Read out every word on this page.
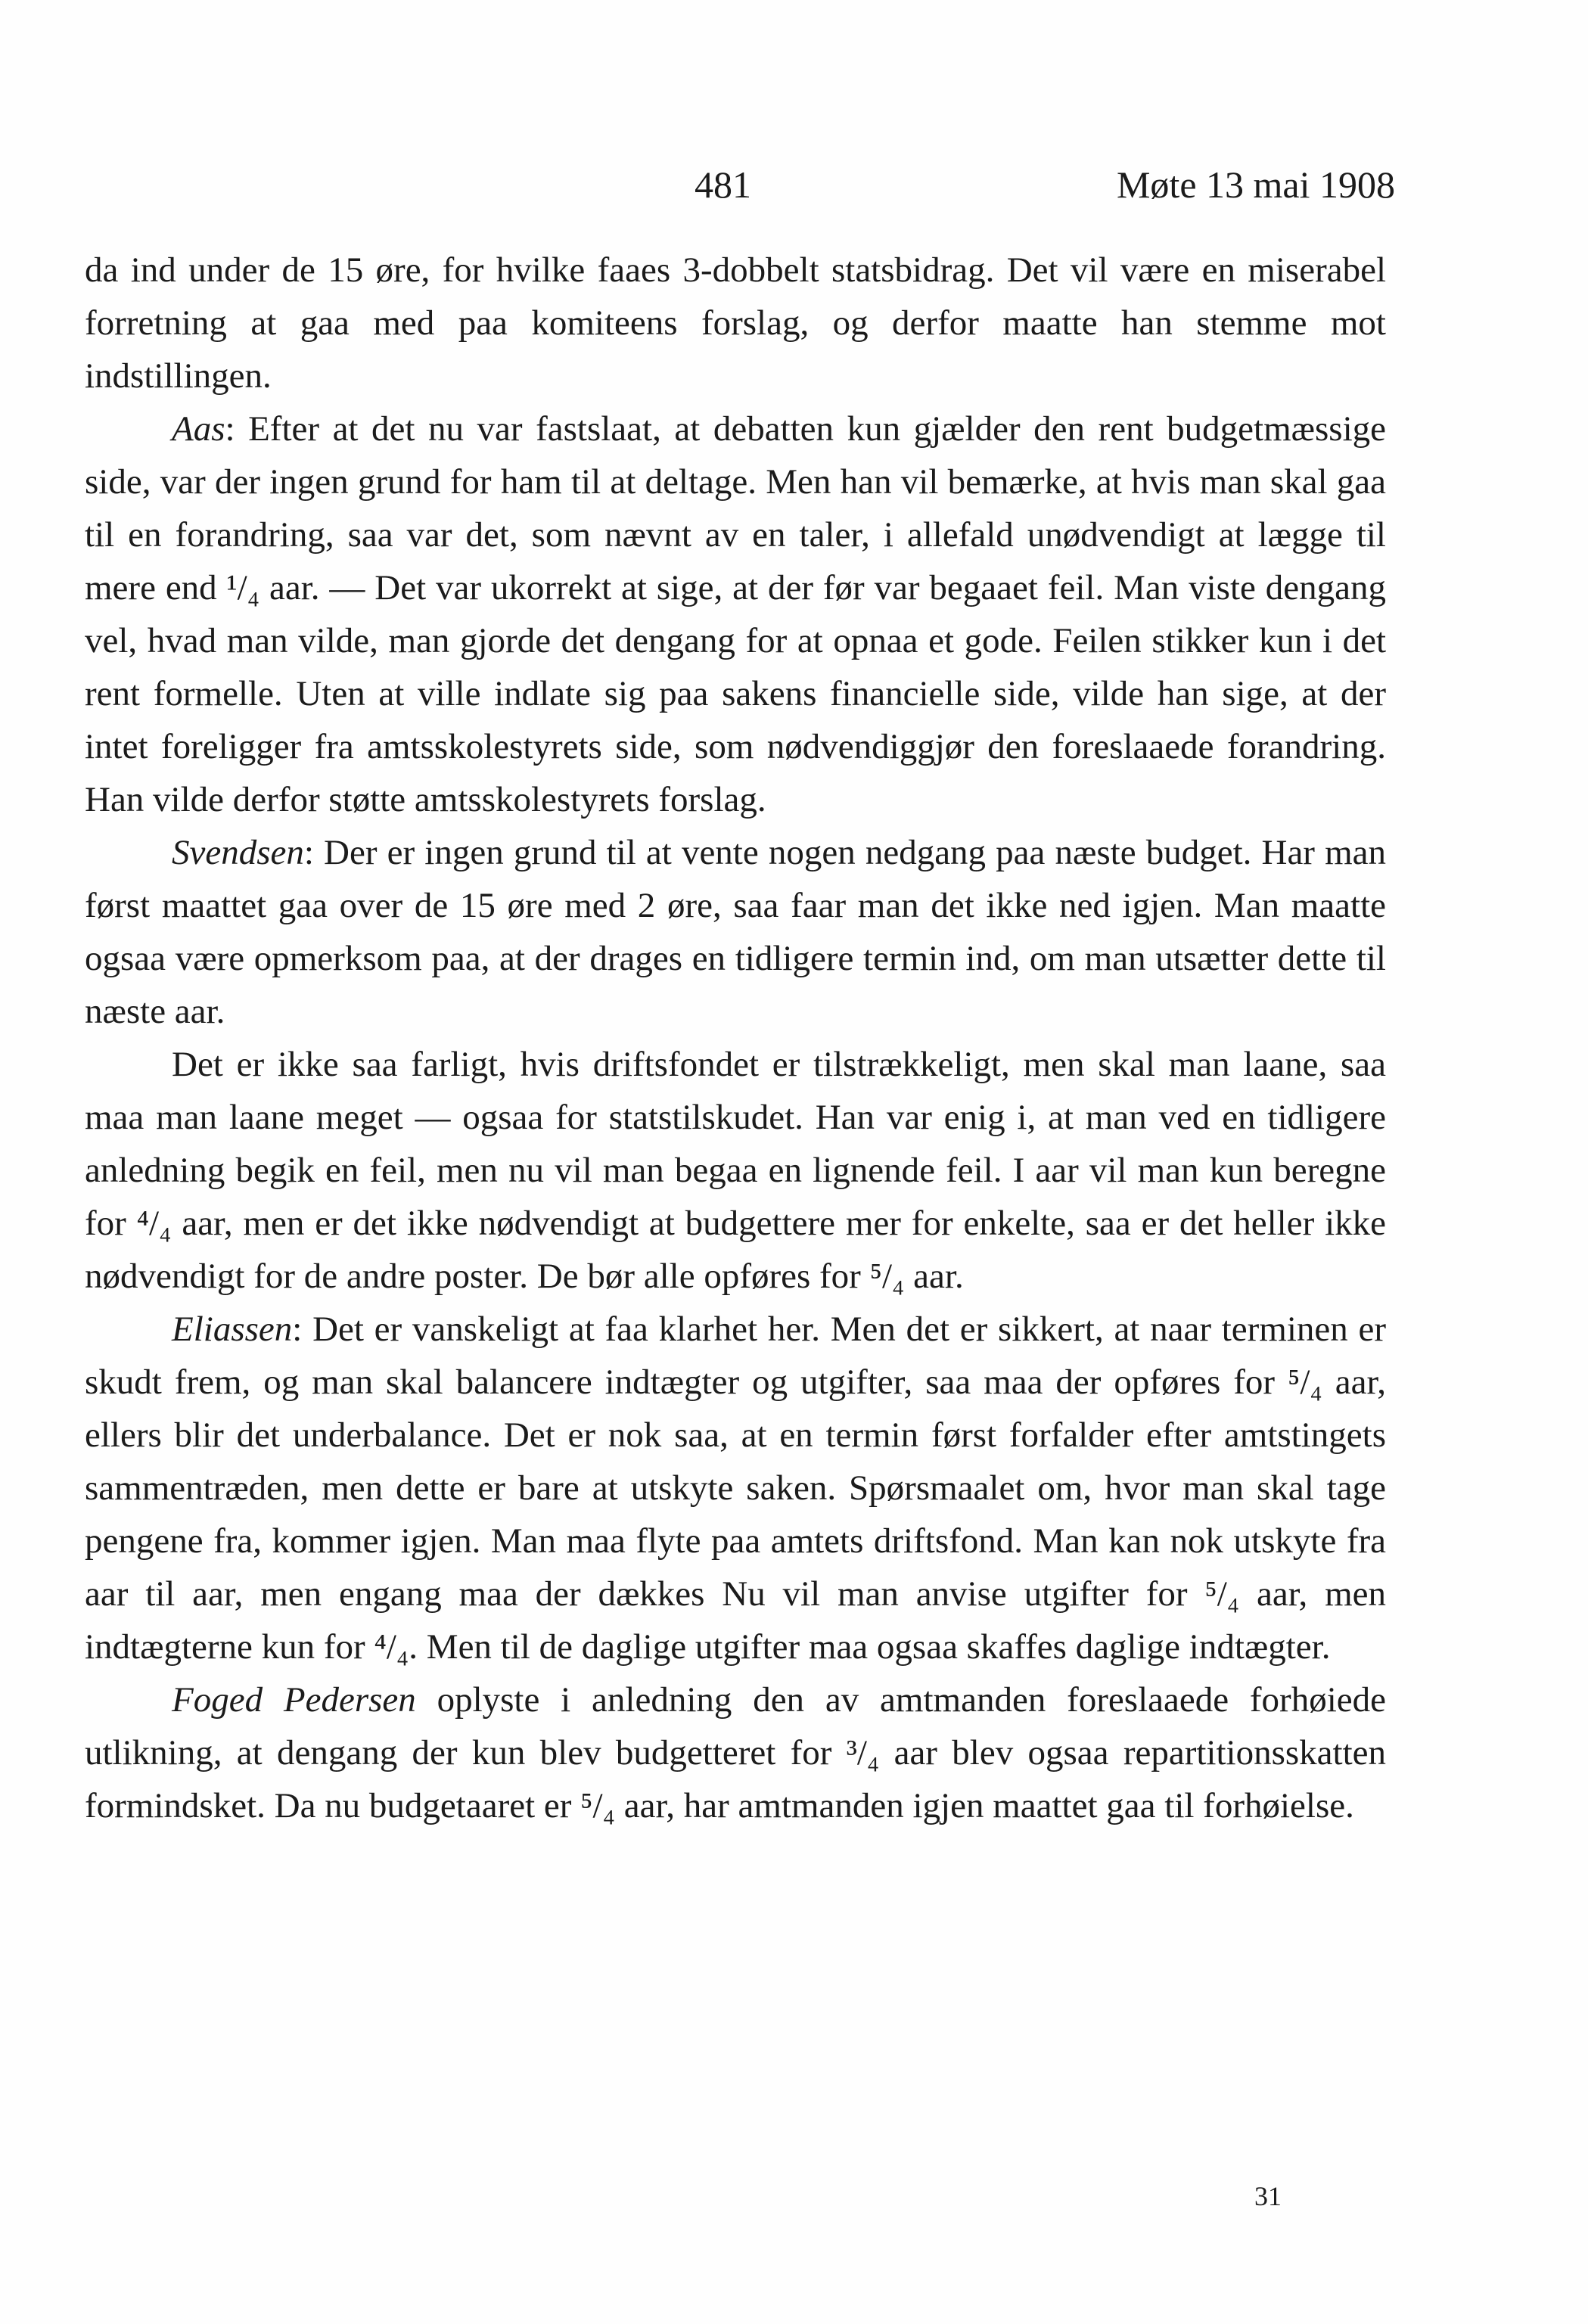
481	Møte 13 mai 1908

da ind under de 15 øre, for hvilke faaes 3-dobbelt statsbidrag. Det vil være en miserabel forretning at gaa med paa komiteens forslag, og derfor maatte han stemme mot indstillingen.

Aas: Efter at det nu var fastslaat, at debatten kun gjælder den rent budgetmæssige side, var der ingen grund for ham til at deltage. Men han vil bemærke, at hvis man skal gaa til en forandring, saa var det, som nævnt av en taler, i allefald unødvendigt at lægge til mere end ¹/₄ aar. — Det var ukorrekt at sige, at der før var begaaet feil. Man viste dengang vel, hvad man vilde, man gjorde det dengang for at opnaa et gode. Feilen stikker kun i det rent formelle. Uten at ville indlate sig paa sakens financielle side, vilde han sige, at der intet foreligger fra amtsskolestyrets side, som nødvendiggjør den foreslaaede forandring. Han vilde derfor støtte amtsskolestyrets forslag.

Svendsen: Der er ingen grund til at vente nogen nedgang paa næste budget. Har man først maattet gaa over de 15 øre med 2 øre, saa faar man det ikke ned igjen. Man maatte ogsaa være opmerksom paa, at der drages en tidligere termin ind, om man utsætter dette til næste aar.

Det er ikke saa farligt, hvis driftsfondet er tilstrækkeligt, men skal man laane, saa maa man laane meget — ogsaa for statstilskudet. Han var enig i, at man ved en tidligere anledning begik en feil, men nu vil man begaa en lignende feil. I aar vil man kun beregne for ⁴/₄ aar, men er det ikke nødvendigt at budgettere mer for enkelte, saa er det heller ikke nødvendigt for de andre poster. De bør alle opføres for ⁵/₄ aar.

Eliassen: Det er vanskeligt at faa klarhet her. Men det er sikkert, at naar terminen er skudt frem, og man skal balancere indtægter og utgifter, saa maa der opføres for ⁵/₄ aar, ellers blir det underbalance. Det er nok saa, at en termin først forfalder efter amtstingets sammentræden, men dette er bare at utskyte saken. Spørsmaalet om, hvor man skal tage pengene fra, kommer igjen. Man maa flyte paa amtets driftsfond. Man kan nok utskyte fra aar til aar, men engang maa der dækkes Nu vil man anvise utgifter for ⁵/₄ aar, men indtægterne kun for ⁴/₄. Men til de daglige utgifter maa ogsaa skaffes daglige indtægter.

Foged Pedersen oplyste i anledning den av amtmanden foreslaaede forhøiede utlikning, at dengang der kun blev budgetteret for ³/₄ aar blev ogsaa repartitionsskatten formindsket. Da nu budgetaaret er ⁵/₄ aar, har amtmanden igjen maattet gaa til forhøielse.

31
